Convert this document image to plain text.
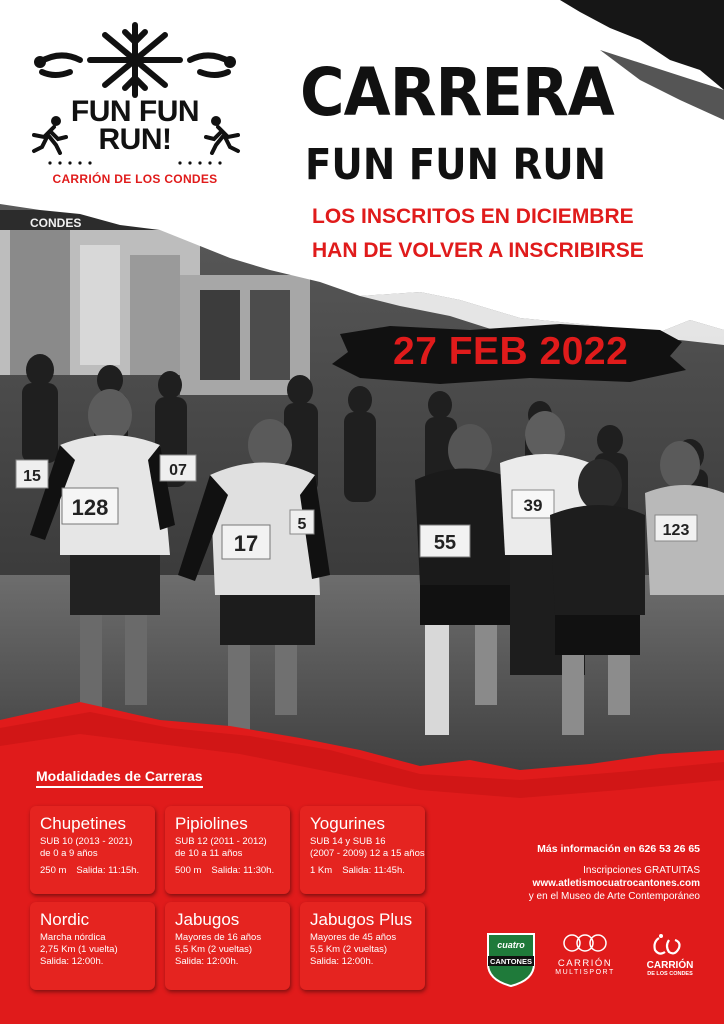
CONDES
128
17	55
39
123
07
15
5
27 FEB 2022
FUN FUN
RUN!
CARRIÓN DE LOS CONDES
CARRERA
FUN FUN RUN
LOS INSCRITOS EN DICIEMBRE
HAN DE VOLVER A INSCRIBIRSE
Modalidades de Carreras
Chupetines
SUB 10 (2013 - 2021)
de 0 a 9 años
250 m Salida: 11:15h.
Pipiolines
SUB 12 (2011 - 2012)
de 10 a 11 años
500 m Salida: 11:30h.
Yogurines
SUB 14 y SUB 16
(2007 - 2009) 12 a 15 años
1 Km Salida: 11:45h.
Nordic
Marcha nórdica
2,75 Km (1 vuelta)
Salida: 12:00h.
Jabugos
Mayores de 16 años
5,5 Km (2 vueltas)
Salida: 12:00h.
Jabugos Plus
Mayores de 45 años
5,5 Km (2 vueltas)
Salida: 12:00h.
Más información en 626 53 26 65
Inscripciones GRATUITAS
www.atletismocuatrocantones.com
y en el Museo de Arte Contemporáneo
cuatro
CANTONES	CARRIÓN
MULTISPORT
CARRIÓN
DE LOS CONDES
